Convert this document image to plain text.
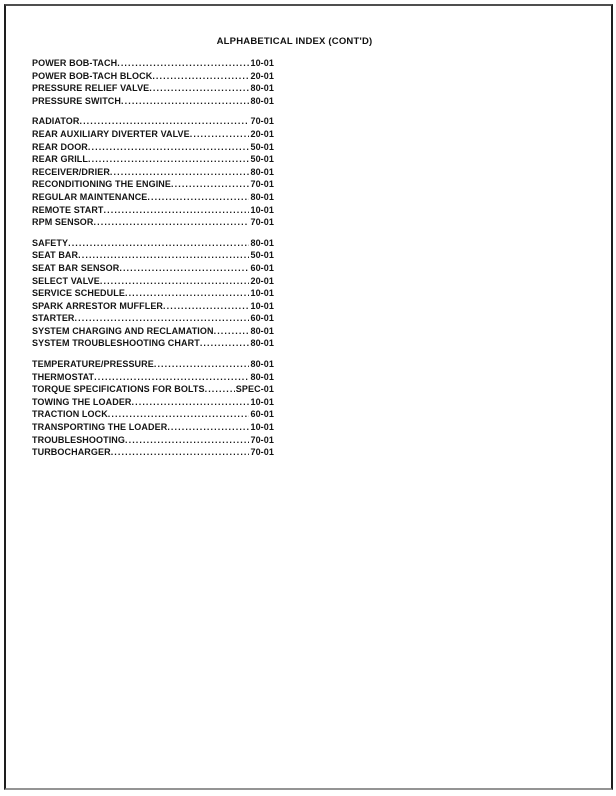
ALPHABETICAL INDEX (CONT'D)
POWER BOB-TACH .....	10-01
POWER BOB-TACH BLOCK .....	20-01
PRESSURE RELIEF VALVE .....	80-01
PRESSURE SWITCH .....	80-01
RADIATOR .....	70-01
REAR AUXILIARY DIVERTER VALVE .....	20-01
REAR DOOR .....	50-01
REAR GRILL .....	50-01
RECEIVER/DRIER .....	80-01
RECONDITIONING THE ENGINE .....	70-01
REGULAR MAINTENANCE .....	80-01
REMOTE START .....	10-01
RPM SENSOR .....	70-01
SAFETY .....	80-01
SEAT BAR .....	50-01
SEAT BAR SENSOR .....	60-01
SELECT VALVE .....	20-01
SERVICE SCHEDULE .....	10-01
SPARK ARRESTOR MUFFLER .....	10-01
STARTER .....	60-01
SYSTEM CHARGING AND RECLAMATION .....	80-01
SYSTEM TROUBLESHOOTING CHART .....	80-01
TEMPERATURE/PRESSURE .....	80-01
THERMOSTAT .....	80-01
TORQUE SPECIFICATIONS FOR BOLTS .....	SPEC-01
TOWING THE LOADER .....	10-01
TRACTION LOCK .....	60-01
TRANSPORTING THE LOADER .....	10-01
TROUBLESHOOTING .....	70-01
TURBOCHARGER .....	70-01
